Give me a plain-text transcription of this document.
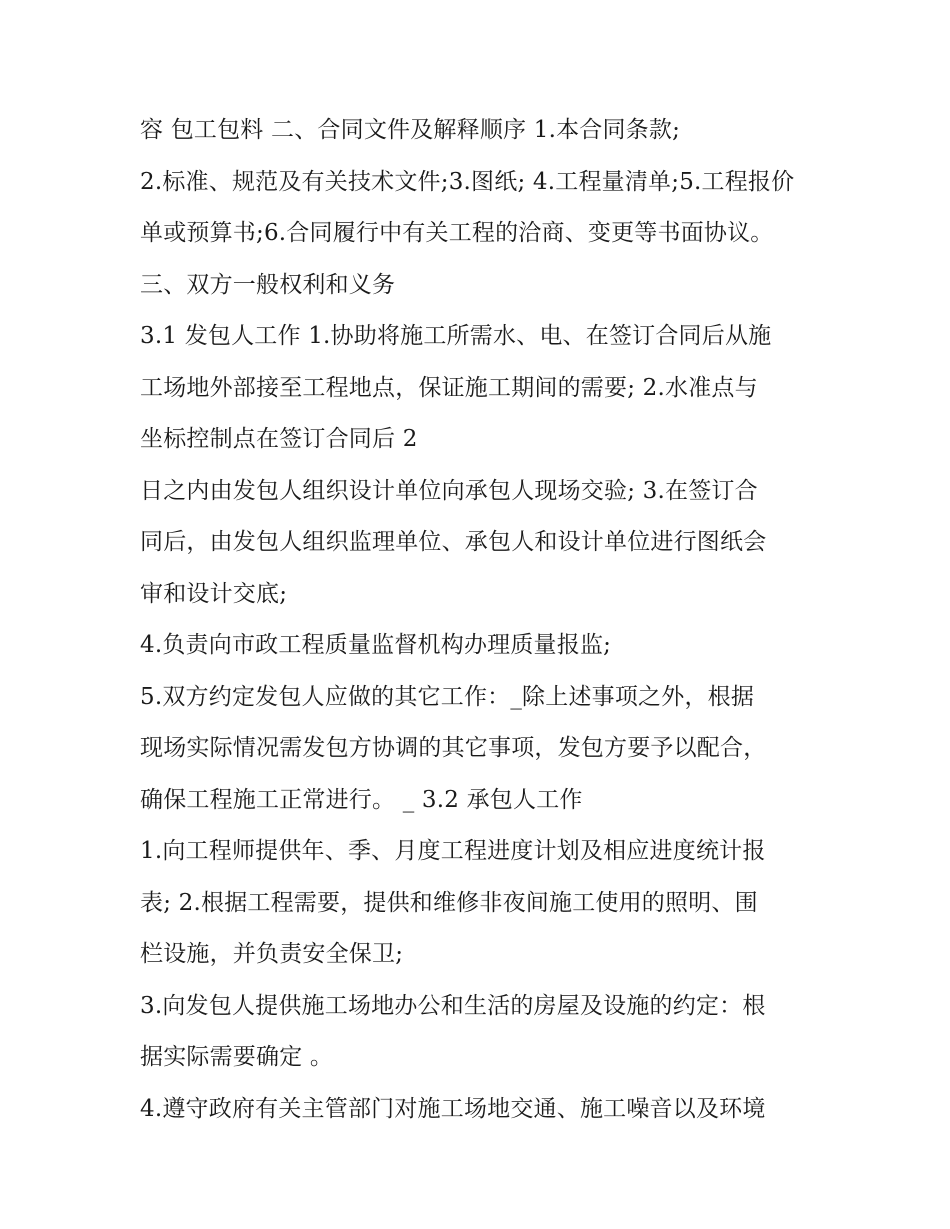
容 包工包料 二、合同文件及解释顺序 1.本合同条款;
2.标准、规范及有关技术文件;3.图纸; 4.工程量清单;5.工程报价
单或预算书;6.合同履行中有关工程的洽商、变更等书面协议。
三、双方一般权利和义务
3.1 发包人工作 1.协助将施工所需水、电、在签订合同后从施
工场地外部接至工程地点，保证施工期间的需要; 2.水准点与
坐标控制点在签订合同后 2
日之内由发包人组织设计单位向承包人现场交验; 3.在签订合
同后，由发包人组织监理单位、承包人和设计单位进行图纸会
审和设计交底;
4.负责向市政工程质量监督机构办理质量报监;
5.双方约定发包人应做的其它工作：_除上述事项之外，根据
现场实际情况需发包方协调的其它事项，发包方要予以配合，
确保工程施工正常进行。 _ 3.2 承包人工作
1.向工程师提供年、季、月度工程进度计划及相应进度统计报
表; 2.根据工程需要，提供和维修非夜间施工使用的照明、围
栏设施，并负责安全保卫;
3.向发包人提供施工场地办公和生活的房屋及设施的约定：根
据实际需要确定 。
4.遵守政府有关主管部门对施工场地交通、施工噪音以及环境
